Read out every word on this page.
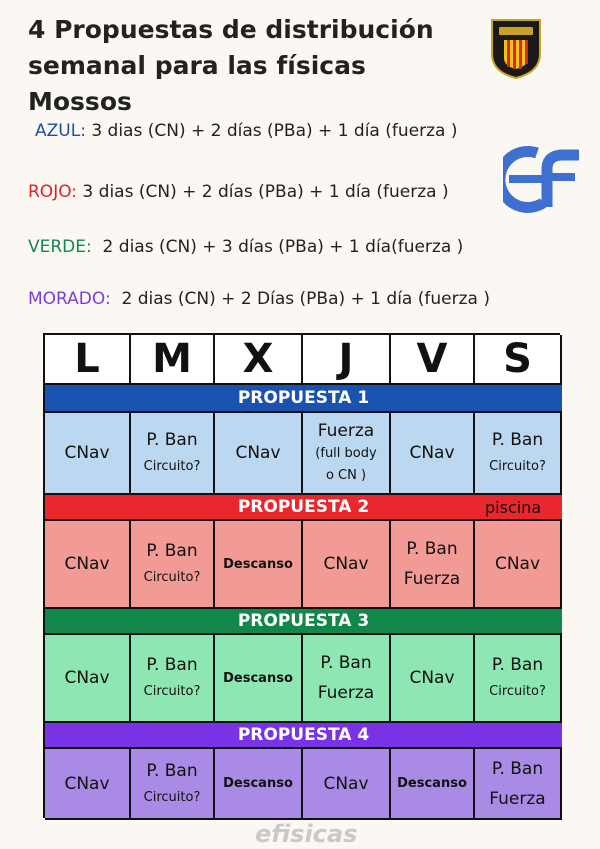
4 Propuestas de distribución
semanal para las físicas Mossos
AZUL: 3 dias (CN) + 2 días (PBa) + 1 día (fuerza )
ROJO: 3 dias (CN) + 2 días (PBa) + 1 día (fuerza )
VERDE:  2 dias (CN) + 3 días (PBa) + 1 día(fuerza )
MORADO:  2 dias (CN) + 2 Días (PBa) + 1 día (fuerza )
L M X J V S
PROPUESTA 1
CNav
P. Ban
Circuito?
CNav
Fuerza
(full body
o CN )
CNav
P. Ban
Circuito?
PROPUESTA 2	piscina
CNav
P. Ban
Circuito?
Descanso CNav
P. Ban
Fuerza
CNav
PROPUESTA 3
CNav
P. Ban
Circuito?
Descanso
P. Ban
Fuerza
CNav
P. Ban
Circuito?
PROPUESTA 4
CNav
P. Ban
Circuito?
Descanso CNav Descanso
P. Ban
Fuerza
efisicas
